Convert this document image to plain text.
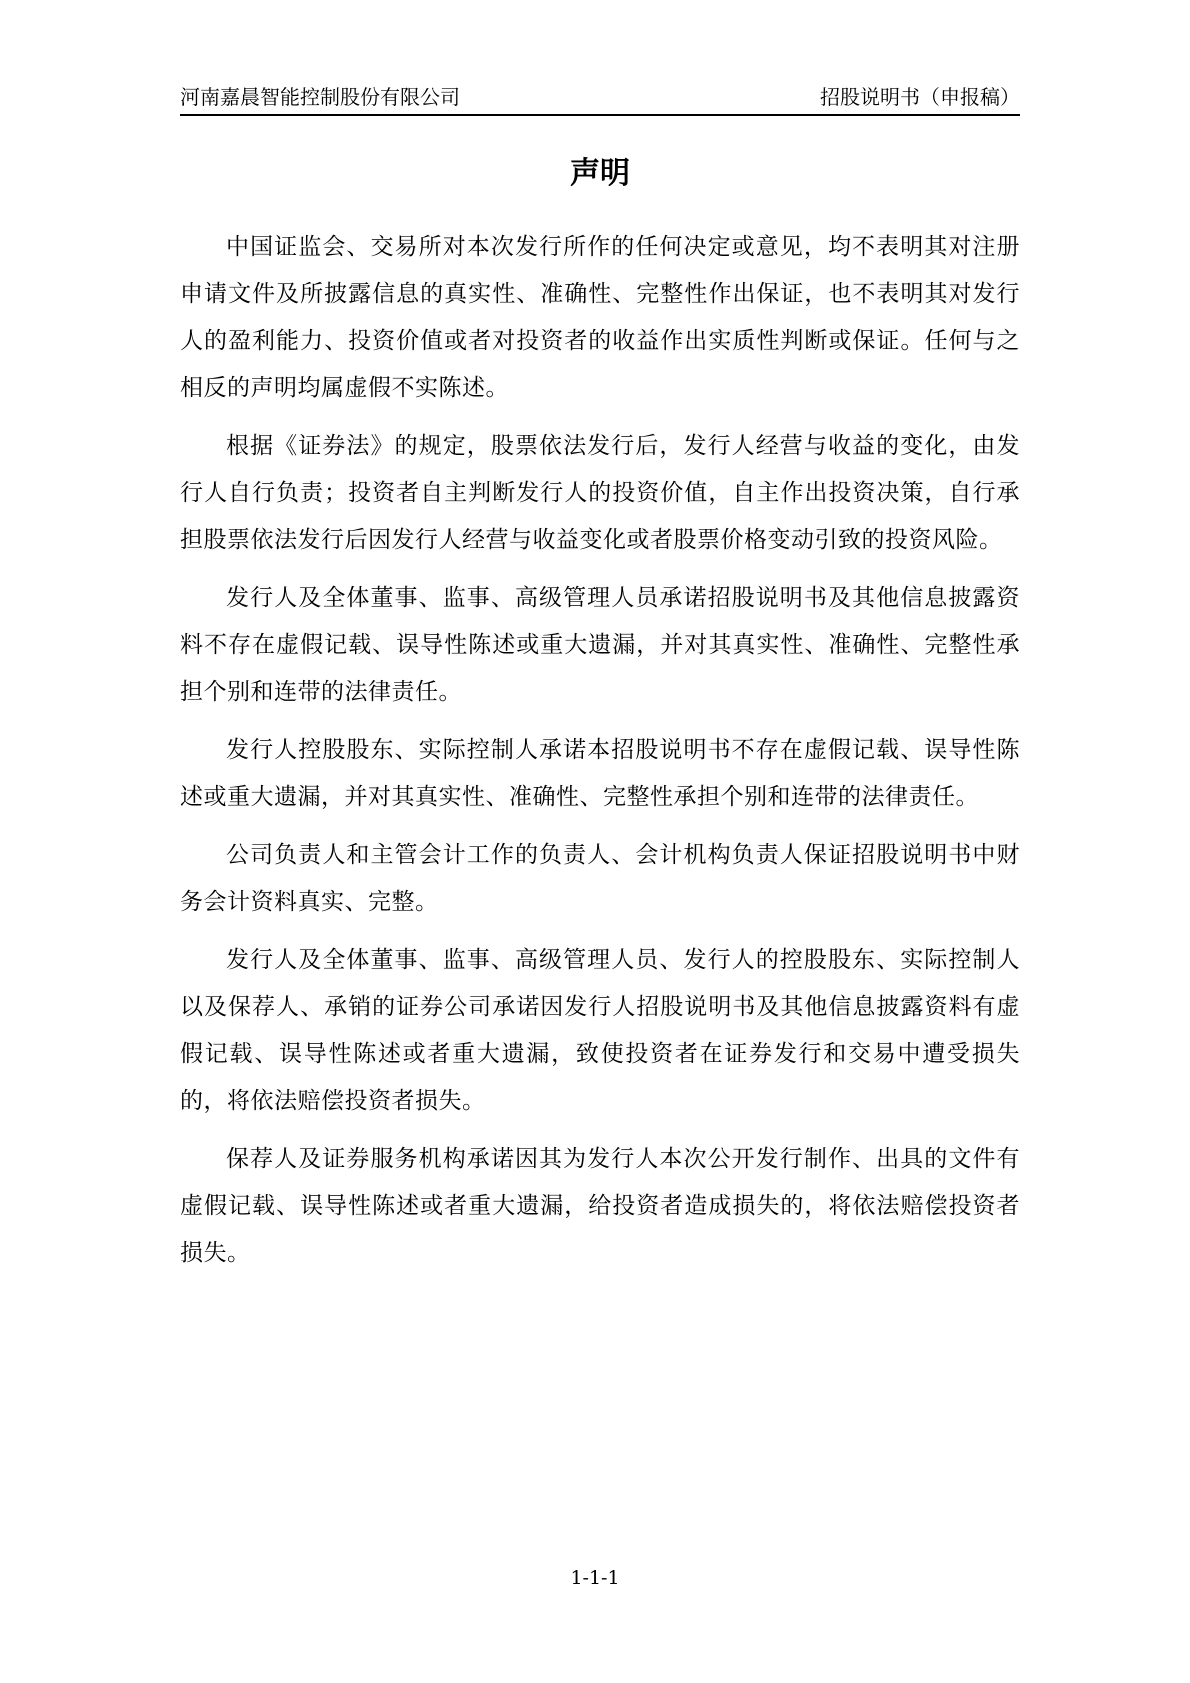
河南嘉晨智能控制股份有限公司	招股说明书（申报稿）
声明

中国证监会、交易所对本次发行所作的任何决定或意见，均不表明其对注册申请文件及所披露信息的真实性、准确性、完整性作出保证，也不表明其对发行人的盈利能力、投资价值或者对投资者的收益作出实质性判断或保证。任何与之相反的声明均属虚假不实陈述。

根据《证券法》的规定，股票依法发行后，发行人经营与收益的变化，由发行人自行负责；投资者自主判断发行人的投资价值，自主作出投资决策，自行承担股票依法发行后因发行人经营与收益变化或者股票价格变动引致的投资风险。

发行人及全体董事、监事、高级管理人员承诺招股说明书及其他信息披露资料不存在虚假记载、误导性陈述或重大遗漏，并对其真实性、准确性、完整性承担个别和连带的法律责任。

发行人控股股东、实际控制人承诺本招股说明书不存在虚假记载、误导性陈述或重大遗漏，并对其真实性、准确性、完整性承担个别和连带的法律责任。

公司负责人和主管会计工作的负责人、会计机构负责人保证招股说明书中财务会计资料真实、完整。

发行人及全体董事、监事、高级管理人员、发行人的控股股东、实际控制人以及保荐人、承销的证券公司承诺因发行人招股说明书及其他信息披露资料有虚假记载、误导性陈述或者重大遗漏，致使投资者在证券发行和交易中遭受损失的，将依法赔偿投资者损失。

保荐人及证券服务机构承诺因其为发行人本次公开发行制作、出具的文件有虚假记载、误导性陈述或者重大遗漏，给投资者造成损失的，将依法赔偿投资者损失。

1-1-1
